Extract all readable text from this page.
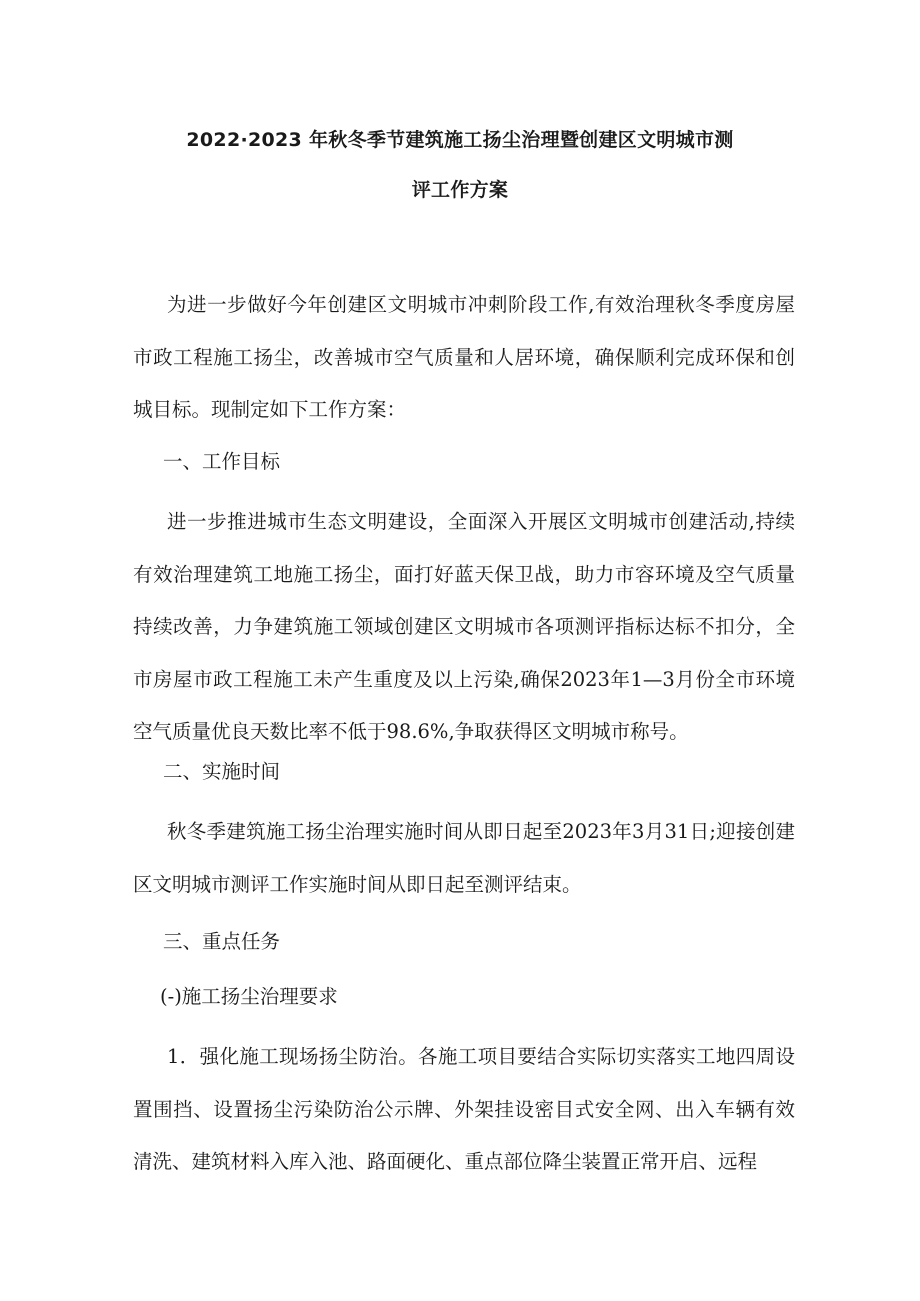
2022·2023 年秋冬季节建筑施工扬尘治理暨创建区文明城市测
评工作方案

为进一步做好今年创建区文明城市冲刺阶段工作,有效治理秋冬季度房屋市政工程施工扬尘，改善城市空气质量和人居环境，确保顺利完成环保和创城目标。现制定如下工作方案：

一、工作目标

进一步推进城市生态文明建设，全面深入开展区文明城市创建活动,持续有效治理建筑工地施工扬尘，面打好蓝天保卫战，助力市容环境及空气质量持续改善，力争建筑施工领域创建区文明城市各项测评指标达标不扣分，全市房屋市政工程施工未产生重度及以上污染,确保2023年1—3月份全市环境空气质量优良天数比率不低于98.6%,争取获得区文明城市称号。

二、实施时间

秋冬季建筑施工扬尘治理实施时间从即日起至2023年3月31日;迎接创建区文明城市测评工作实施时间从即日起至测评结束。

三、重点任务

(-)施工扬尘治理要求

1．强化施工现场扬尘防治。各施工项目要结合实际切实落实工地四周设置围挡、设置扬尘污染防治公示牌、外架挂设密目式安全网、出入车辆有效清洗、建筑材料入库入池、路面硬化、重点部位降尘装置正常开启、远程
